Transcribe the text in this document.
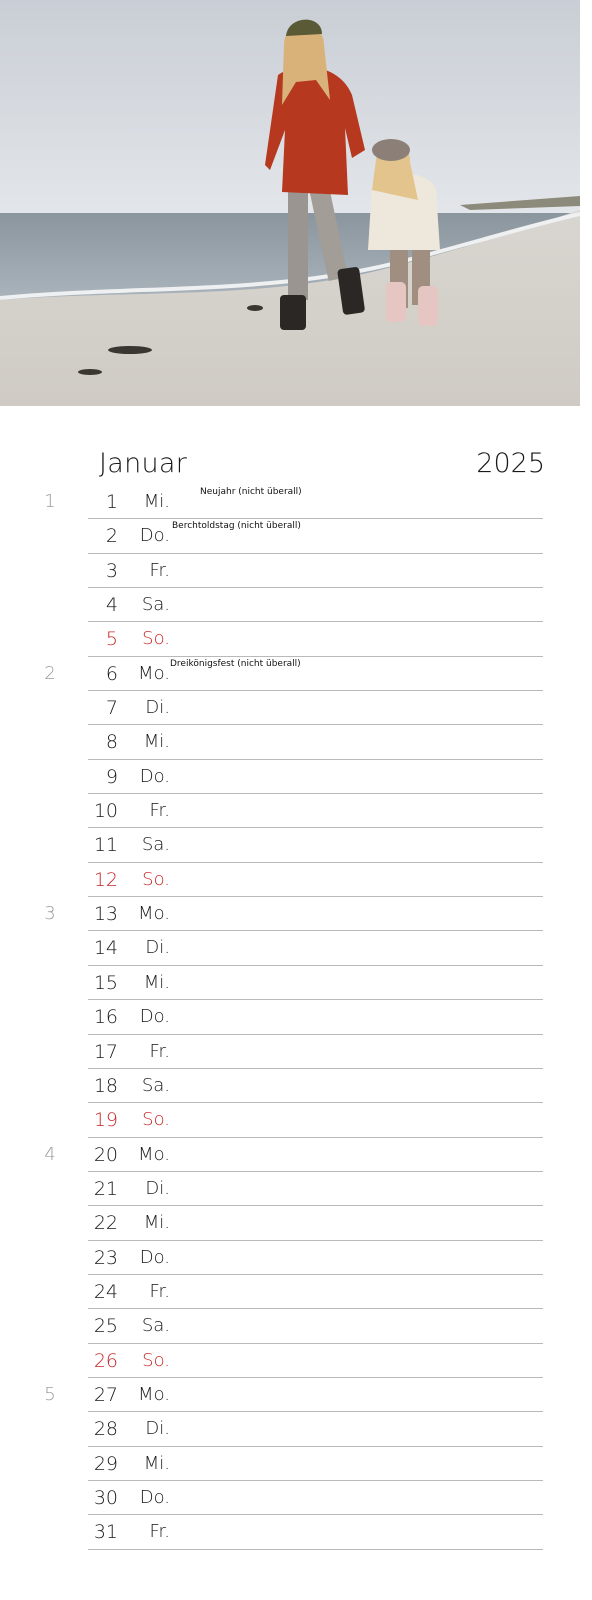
Januar	2025
1	1	Mi.	Neujahr (nicht überall)
2	Do. Berchtoldstag (nicht überall)
3	Fr.
4	Sa.
5	So.
2	6	Mo. Dreikönigsfest (nicht überall)
7	Di.
8	Mi.
9	Do.
10	Fr.
11	Sa.
12	So.
3	13	Mo.
14	Di.
15	Mi.
16	Do.
17	Fr.
18	Sa.
19	So.
4	20	Mo.
21	Di.
22	Mi.
23	Do.
24	Fr.
25	Sa.
26	So.
5	27	Mo.
28	Di.
29	Mi.
30	Do.
31	Fr.
